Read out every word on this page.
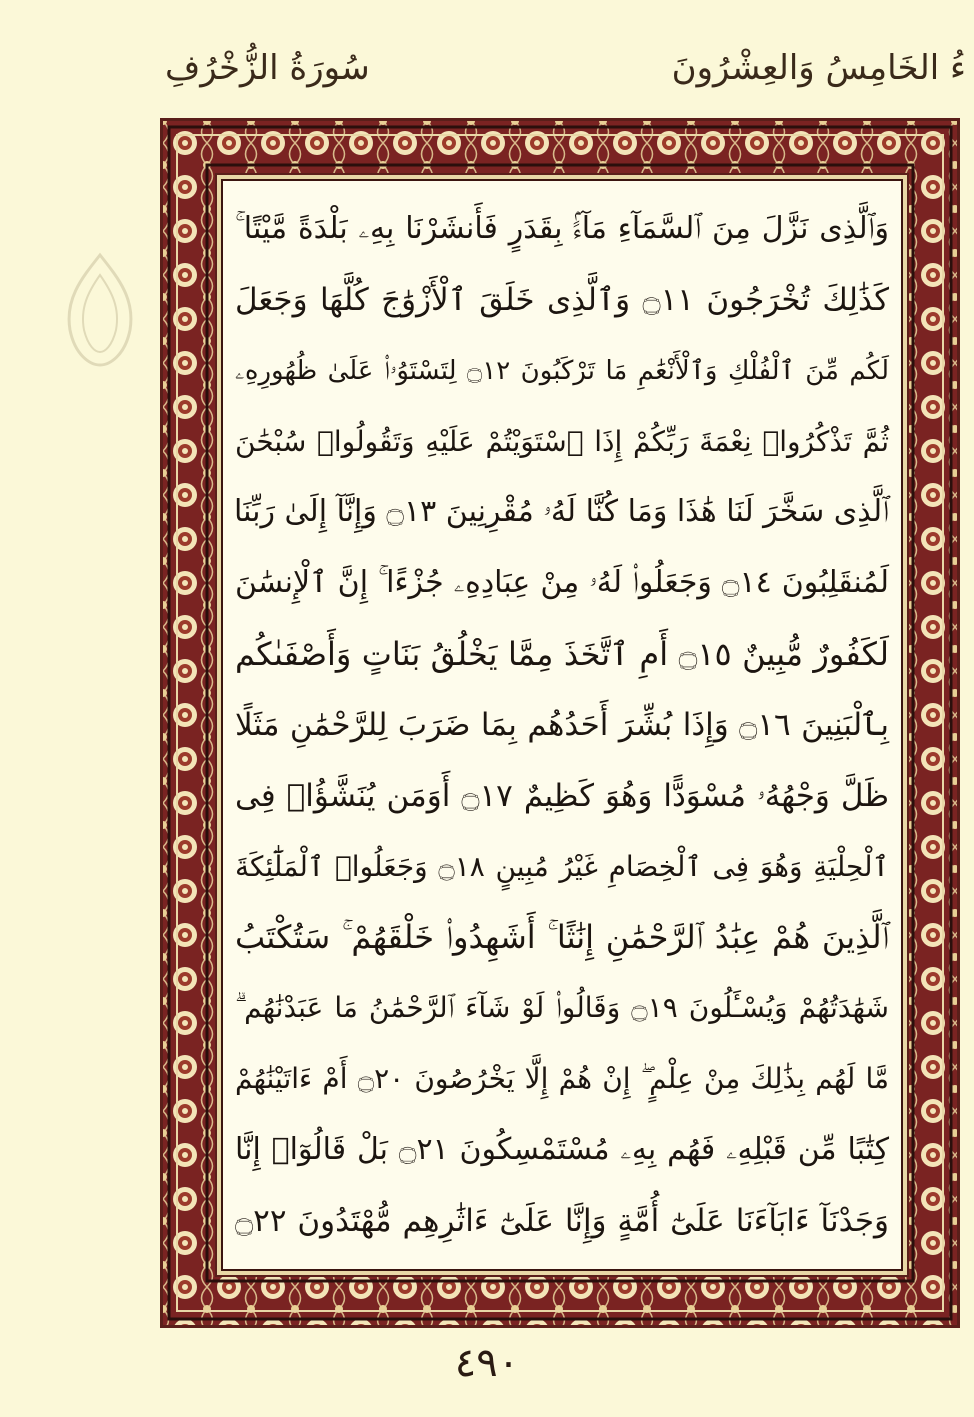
سُورَةُ الزُّخْرُفِ	ءُ الخَامِسُ وَالعِشْرُونَ
وَٱلَّذِى نَزَّلَ مِنَ ٱلسَّمَآءِ مَآءًۢ بِقَدَرٍ فَأَنشَرْنَا بِهِۦ بَلْدَةً مَّيْتًا ۚ
كَذَٰلِكَ تُخْرَجُونَ ۝١١ وَٱلَّذِى خَلَقَ ٱلْأَزْوَٰجَ كُلَّهَا وَجَعَلَ
لَكُم مِّنَ ٱلْفُلْكِ وَٱلْأَنْعَٰمِ مَا تَرْكَبُونَ ۝١٢ لِتَسْتَوُۥا۟ عَلَىٰ ظُهُورِهِۦ
ثُمَّ تَذْكُرُوا۟ نِعْمَةَ رَبِّكُمْ إِذَا ٱسْتَوَيْتُمْ عَلَيْهِ وَتَقُولُوا۟ سُبْحَٰنَ
ٱلَّذِى سَخَّرَ لَنَا هَٰذَا وَمَا كُنَّا لَهُۥ مُقْرِنِينَ ۝١٣ وَإِنَّآ إِلَىٰ رَبِّنَا
لَمُنقَلِبُونَ ۝١٤ وَجَعَلُوا۟ لَهُۥ مِنْ عِبَادِهِۦ جُزْءًا ۚ إِنَّ ٱلْإِنسَٰنَ
لَكَفُورٌ مُّبِينٌ ۝١٥ أَمِ ٱتَّخَذَ مِمَّا يَخْلُقُ بَنَاتٍ وَأَصْفَىٰكُم
بِٱلْبَنِينَ ۝١٦ وَإِذَا بُشِّرَ أَحَدُهُم بِمَا ضَرَبَ لِلرَّحْمَٰنِ مَثَلًا
ظَلَّ وَجْهُهُۥ مُسْوَدًّا وَهُوَ كَظِيمٌ ۝١٧ أَوَمَن يُنَشَّؤُا۟ فِى
ٱلْحِلْيَةِ وَهُوَ فِى ٱلْخِصَامِ غَيْرُ مُبِينٍ ۝١٨ وَجَعَلُوا۟ ٱلْمَلَٰٓئِكَةَ
ٱلَّذِينَ هُمْ عِبَٰدُ ٱلرَّحْمَٰنِ إِنَٰثًا ۚ أَشَهِدُوا۟ خَلْقَهُمْ ۚ سَتُكْتَبُ
شَهَٰدَتُهُمْ وَيُسْـَٔلُونَ ۝١٩ وَقَالُوا۟ لَوْ شَآءَ ٱلرَّحْمَٰنُ مَا عَبَدْنَٰهُم ۗ
مَّا لَهُم بِذَٰلِكَ مِنْ عِلْمٍ ۖ إِنْ هُمْ إِلَّا يَخْرُصُونَ ۝٢٠ أَمْ ءَاتَيْنَٰهُمْ
كِتَٰبًا مِّن قَبْلِهِۦ فَهُم بِهِۦ مُسْتَمْسِكُونَ ۝٢١ بَلْ قَالُوٓا۟ إِنَّا
وَجَدْنَآ ءَابَآءَنَا عَلَىٰٓ أُمَّةٍ وَإِنَّا عَلَىٰٓ ءَاثَٰرِهِم مُّهْتَدُونَ ۝٢٢
٤٩٠
